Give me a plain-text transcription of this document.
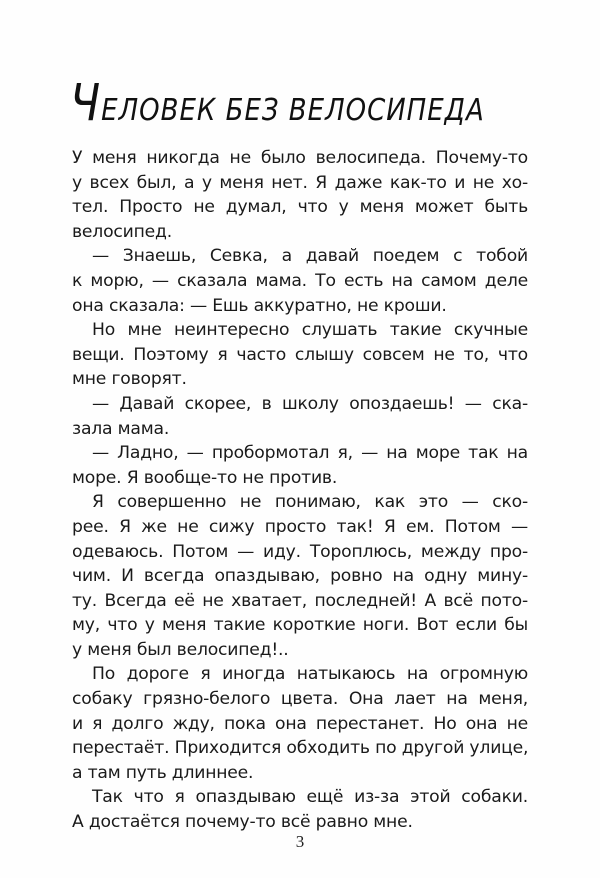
ЧЕЛОВЕК БЕЗ ВЕЛОСИПЕДА
У меня никогда не было велосипеда. Почему-то
у всех был, а у меня нет. Я даже как-то и не хо-
тел. Просто не думал, что у меня может быть
велосипед.
— Знаешь, Севка, а давай поедем с тобой
к морю, — сказала мама. То есть на самом деле
она сказала: — Ешь аккуратно, не кроши.
Но мне неинтересно слушать такие скучные
вещи. Поэтому я часто слышу совсем не то, что
мне говорят.
— Давай скорее, в школу опоздаешь! — ска-
зала мама.
— Ладно, — пробормотал я, — на море так на
море. Я вообще-то не против.
Я совершенно не понимаю, как это — ско-
рее. Я же не сижу просто так! Я ем. Потом —
одеваюсь. Потом — иду. Тороплюсь, между про-
чим. И всегда опаздываю, ровно на одну мину-
ту. Всегда её не хватает, последней! А всё пото-
му, что у меня такие короткие ноги. Вот если бы
у меня был велосипед!..
По дороге я иногда натыкаюсь на огромную
собаку грязно-белого цвета. Она лает на меня,
и я долго жду, пока она перестанет. Но она не
перестаёт. Приходится обходить по другой улице,
а там путь длиннее.
Так что я опаздываю ещё из-за этой собаки.
А достаётся почему-то всё равно мне.
3
